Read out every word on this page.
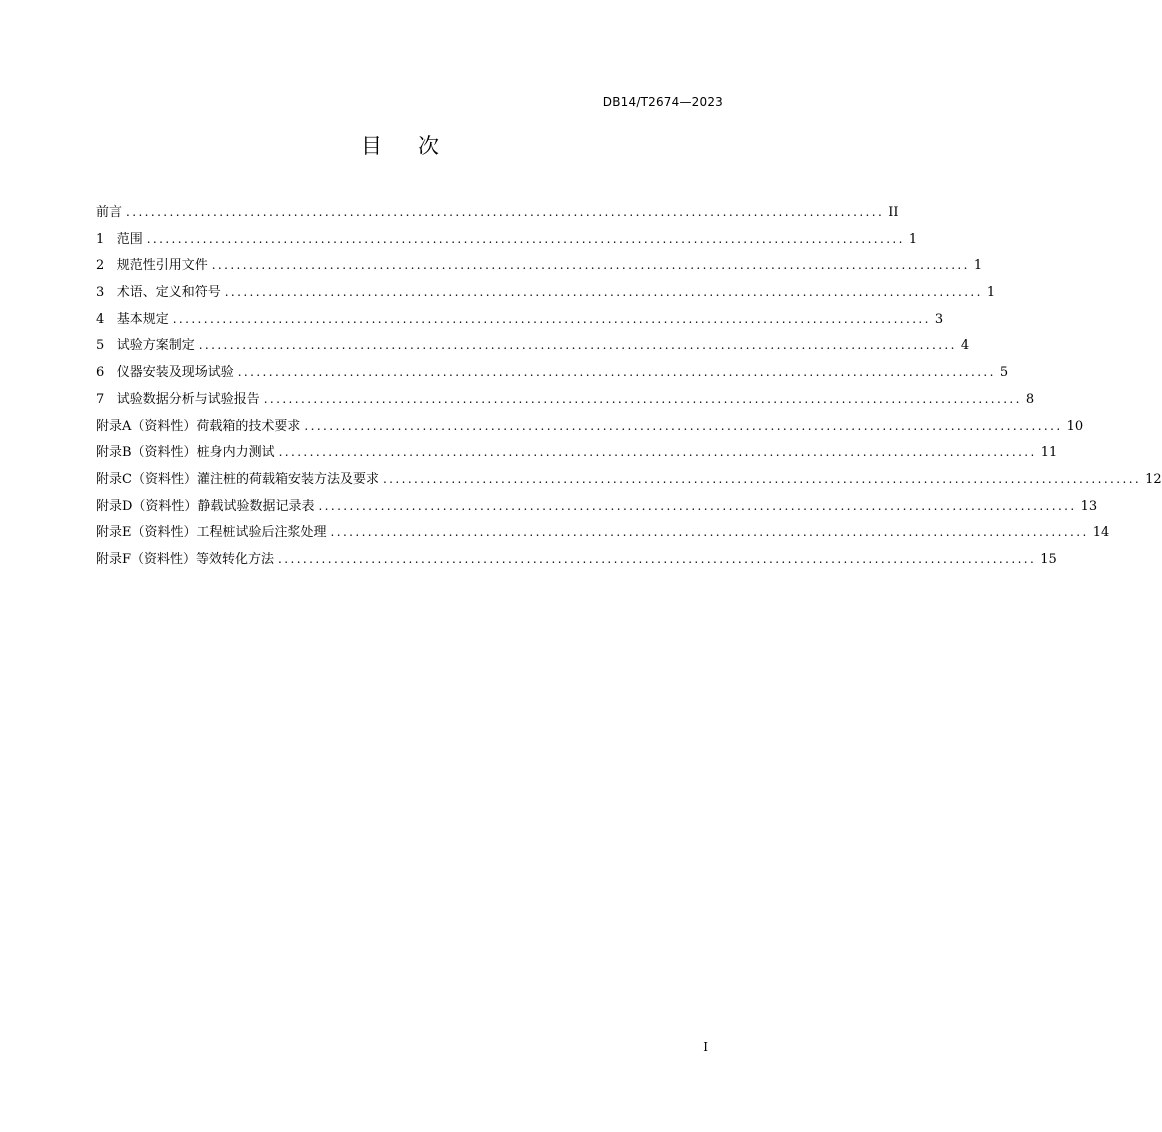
DB14/T2674—2023
目 次
前言 .......................................................................................................................... II
1
范围 .......................................................................................................................... 1
2
规范性引用文件 .......................................................................................................................... 1
3
术语、定义和符号 .......................................................................................................................... 1
4
基本规定 .......................................................................................................................... 3
5
试验方案制定 .......................................................................................................................... 4
6
仪器安装及现场试验 .......................................................................................................................... 5
7
试验数据分析与试验报告 .......................................................................................................................... 8
附录A（资料性） 荷载箱的技术要求 .......................................................................................................................... 10
附录B（资料性） 桩身内力测试 .......................................................................................................................... 11
附录C（资料性） 灌注桩的荷载箱安装方法及要求 .......................................................................................................................... 12
附录D（资料性） 静载试验数据记录表 .......................................................................................................................... 13
附录E（资料性） 工程桩试验后注浆处理 .......................................................................................................................... 14
附录F（资料性） 等效转化方法 .......................................................................................................................... 15
I
